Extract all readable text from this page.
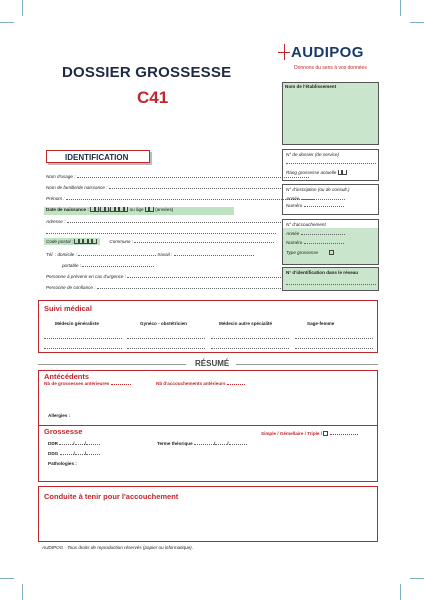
DOSSIER GROSSESSE
C41
AUDIPOG
Donnons du sens à vos données
Nom de l'établissement
IDENTIFICATION
Nom d'usage :
Nom de famille/de naissance :
Prénom :
Date de naissance :	| |	ou âge	(années)
Adresse :
Code postal :	Commune :
Tél. : domicile :	travail :
portable :
Personne à prévenir en cas d'urgence :
Personne de confiance :
N° de dossier (de service)
Rang grossesse actuelle
N° d'inscription (ou de consult.)
Année
Numéro
N° d'accouchement
Année
Numéro
Type grossesse
N° d'identification dans le réseau
Suivi médical
Médecin généraliste	Gynéco - obstétricien	Médecin autre spécialité	Sage-femme
RÉSUMÉ
Antécédents
Nb de grossesses antérieures	Nb d'accouchements antérieurs
Allergies :
Grossesse	Simple / Gémellaire / Triple /
DDR	/ /	Terme théorique	/	/
DDG	/ /
Pathologies :
Conduite à tenir pour l'accouchement
AUDIPOG - Tous droits de reproduction réservés (papier ou informatique).
